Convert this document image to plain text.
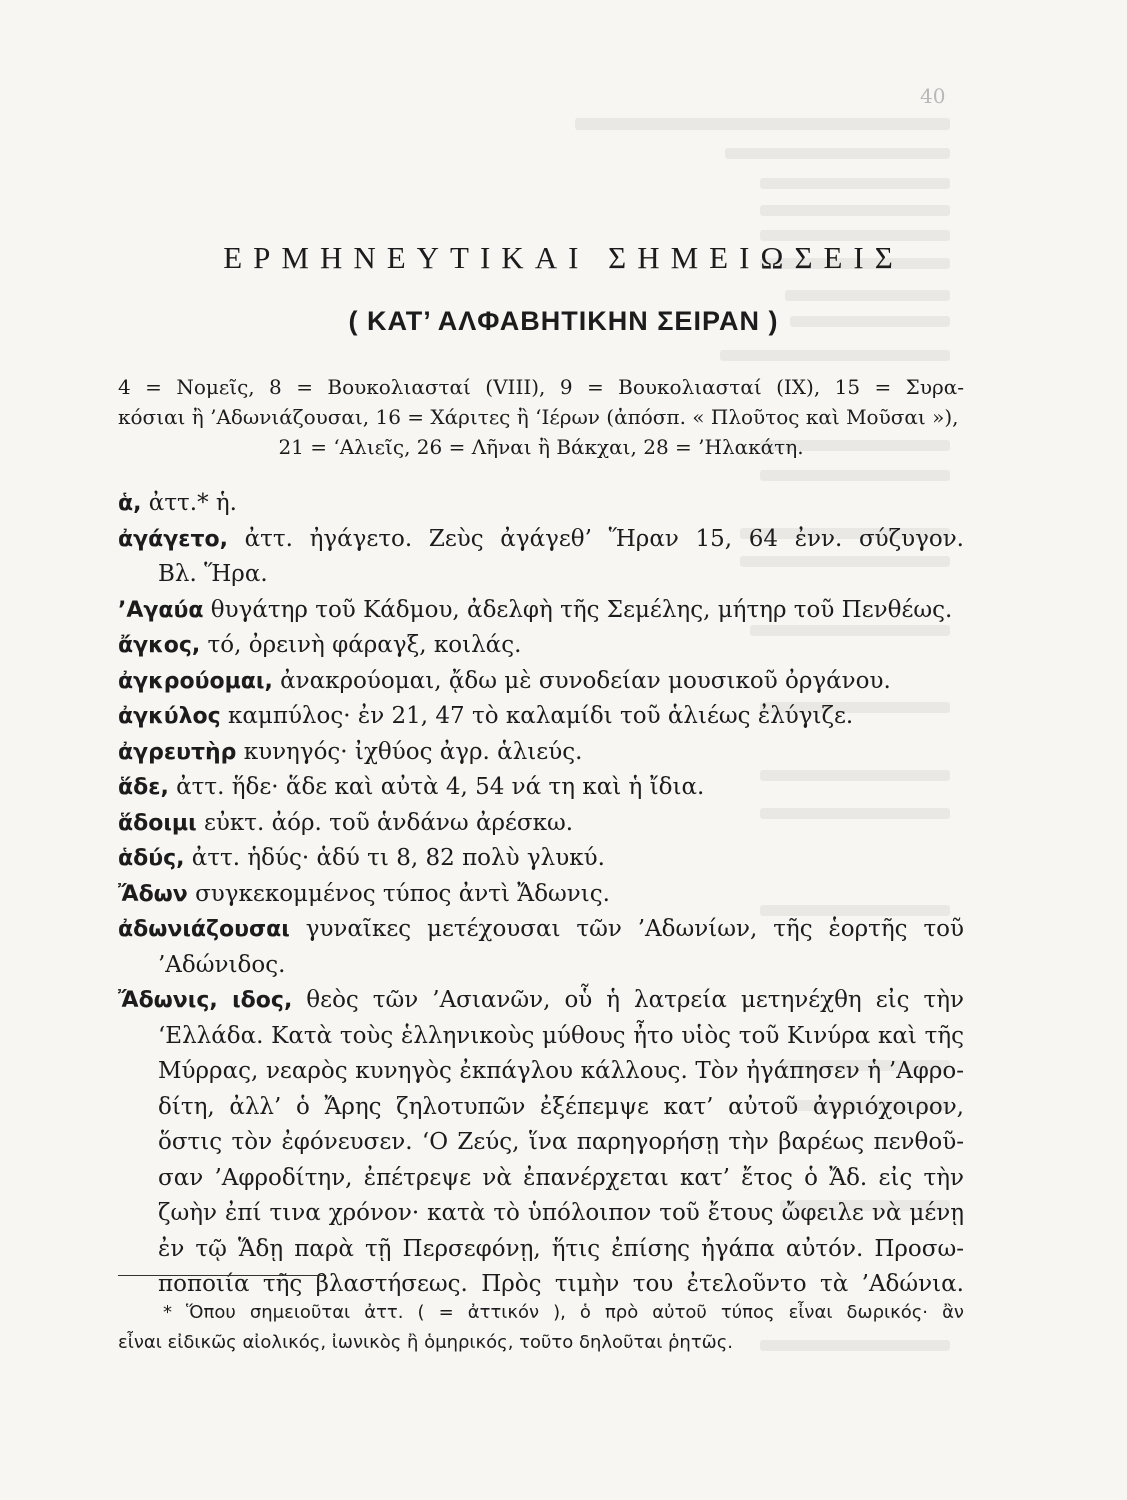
40
ΕΡΜΗΝΕΥΤΙΚΑΙ ΣΗΜΕΙΩΣΕΙΣ
( ΚΑΤ’ ΑΛΦΑΒΗΤΙΚΗΝ ΣΕΙΡΑΝ )
4 = Νομεῖς, 8 = Βουκολιασταί (VIII), 9 = Βουκολιασταί (IX), 15 = Συρα-
κόσιαι ἢ ’Αδωνιάζουσαι, 16 = Χάριτες ἢ ‘Ιέρων (ἀπόσπ. « Πλοῦτος καὶ Μοῦσαι »),
21 = ‘Αλιεῖς, 26 = Λῆναι ἢ Βάκχαι, 28 = ’Ηλακάτη.
ἁ, ἀττ.* ἡ.
ἀγάγετο, ἀττ. ἠγάγετο. Ζεὺς ἀγάγεθ’ Ἥραν 15, 64 ἐνν. σύζυγον.
Βλ. Ἥρα.
’Αγαύα θυγάτηρ τοῦ Κάδμου, ἀδελφὴ τῆς Σεμέλης, μήτηρ τοῦ Πενθέως.
ἄγκος, τό, ὀρεινὴ φάραγξ, κοιλάς.
ἀγκρούομαι, ἀνακρούομαι, ᾄδω μὲ συνοδείαν μουσικοῦ ὀργάνου.
ἀγκύλος καμπύλος· ἐν 21, 47 τὸ καλαμίδι τοῦ ἁλιέως ἐλύγιζε.
ἀγρευτὴρ κυνηγός· ἰχθύος ἀγρ. ἁλιεύς.
ἅδε, ἀττ. ἥδε· ἅδε καὶ αὐτὰ 4, 54 νά τη καὶ ἡ ἴδια.
ἅδοιμι εὐκτ. ἀόρ. τοῦ ἁνδάνω ἀρέσκω.
ἁδύς, ἀττ. ἡδύς· ἁδύ τι 8, 82 πολὺ γλυκύ.
Ἄδων συγκεκομμένος τύπος ἀντὶ Ἄδωνις.
ἀδωνιάζουσαι γυναῖκες μετέχουσαι τῶν ’Αδωνίων, τῆς ἑορτῆς τοῦ
’Αδώνιδος.
Ἄδωνις, ιδος, θεὸς τῶν ’Ασιανῶν, οὗ ἡ λατρεία μετηνέχθη εἰς τὴν
‘Ελλάδα. Κατὰ τοὺς ἑλληνικοὺς μύθους ἦτο υἱὸς τοῦ Κινύρα καὶ τῆς
Μύρρας, νεαρὸς κυνηγὸς ἐκπάγλου κάλλους. Τὸν ἠγάπησεν ἡ ’Αφρο-
δίτη, ἀλλ’ ὁ Ἄρης ζηλοτυπῶν ἐξέπεμψε κατ’ αὐτοῦ ἀγριόχοιρον,
ὅστις τὸν ἐφόνευσεν. ‘Ο Ζεύς, ἵνα παρηγορήσῃ τὴν βαρέως πενθοῦ-
σαν ’Αφροδίτην, ἐπέτρεψε νὰ ἐπανέρχεται κατ’ ἔτος ὁ Ἄδ. εἰς τὴν
ζωὴν ἐπί τινα χρόνον· κατὰ τὸ ὑπόλοιπον τοῦ ἔτους ὤφειλε νὰ μένῃ
ἐν τῷ Ἅδῃ παρὰ τῇ Περσεφόνῃ, ἥτις ἐπίσης ἠγάπα αὐτόν. Προσω-
ποποιία τῆς βλαστήσεως. Πρὸς τιμὴν του ἐτελοῦντο τὰ ’Αδώνια.
* Ὅπου σημειοῦται ἀττ. ( = ἀττικόν ), ὁ πρὸ αὐτοῦ τύπος εἶναι δωρικός· ἂν
εἶναι εἰδικῶς αἰολικός, ἰωνικὸς ἢ ὁμηρικός, τοῦτο δηλοῦται ῥητῶς.
